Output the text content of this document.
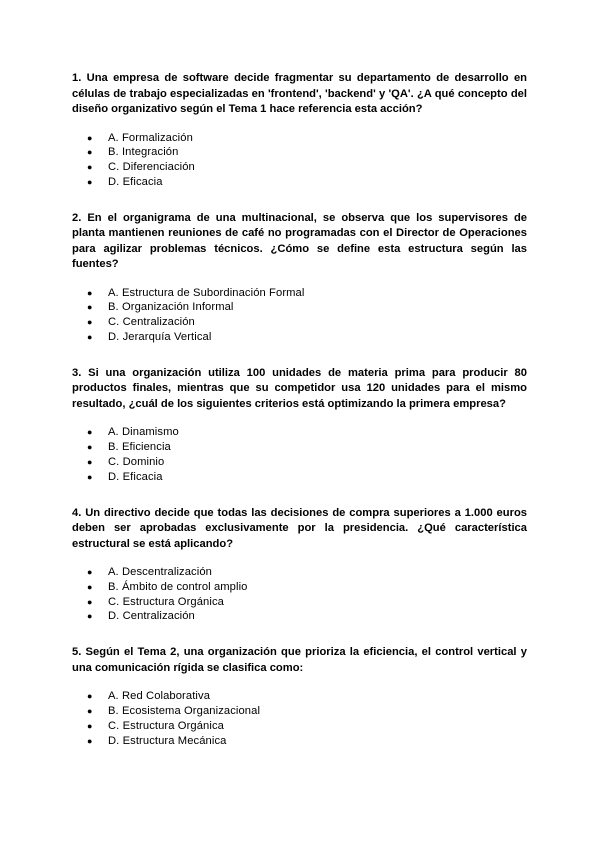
1. Una empresa de software decide fragmentar su departamento de desarrollo en células de trabajo especializadas en 'frontend', 'backend' y 'QA'. ¿A qué concepto del diseño organizativo según el Tema 1 hace referencia esta acción?

● A. Formalización
● B. Integración
● C. Diferenciación
● D. Eficacia

2. En el organigrama de una multinacional, se observa que los supervisores de planta mantienen reuniones de café no programadas con el Director de Operaciones para agilizar problemas técnicos. ¿Cómo se define esta estructura según las fuentes?

● A. Estructura de Subordinación Formal
● B. Organización Informal
● C. Centralización
● D. Jerarquía Vertical

3. Si una organización utiliza 100 unidades de materia prima para producir 80 productos finales, mientras que su competidor usa 120 unidades para el mismo resultado, ¿cuál de los siguientes criterios está optimizando la primera empresa?

● A. Dinamismo
● B. Eficiencia
● C. Dominio
● D. Eficacia

4. Un directivo decide que todas las decisiones de compra superiores a 1.000 euros deben ser aprobadas exclusivamente por la presidencia. ¿Qué característica estructural se está aplicando?

● A. Descentralización
● B. Ámbito de control amplio
● C. Estructura Orgánica
● D. Centralización

5. Según el Tema 2, una organización que prioriza la eficiencia, el control vertical y una comunicación rígida se clasifica como:

● A. Red Colaborativa
● B. Ecosistema Organizacional
● C. Estructura Orgánica
● D. Estructura Mecánica
